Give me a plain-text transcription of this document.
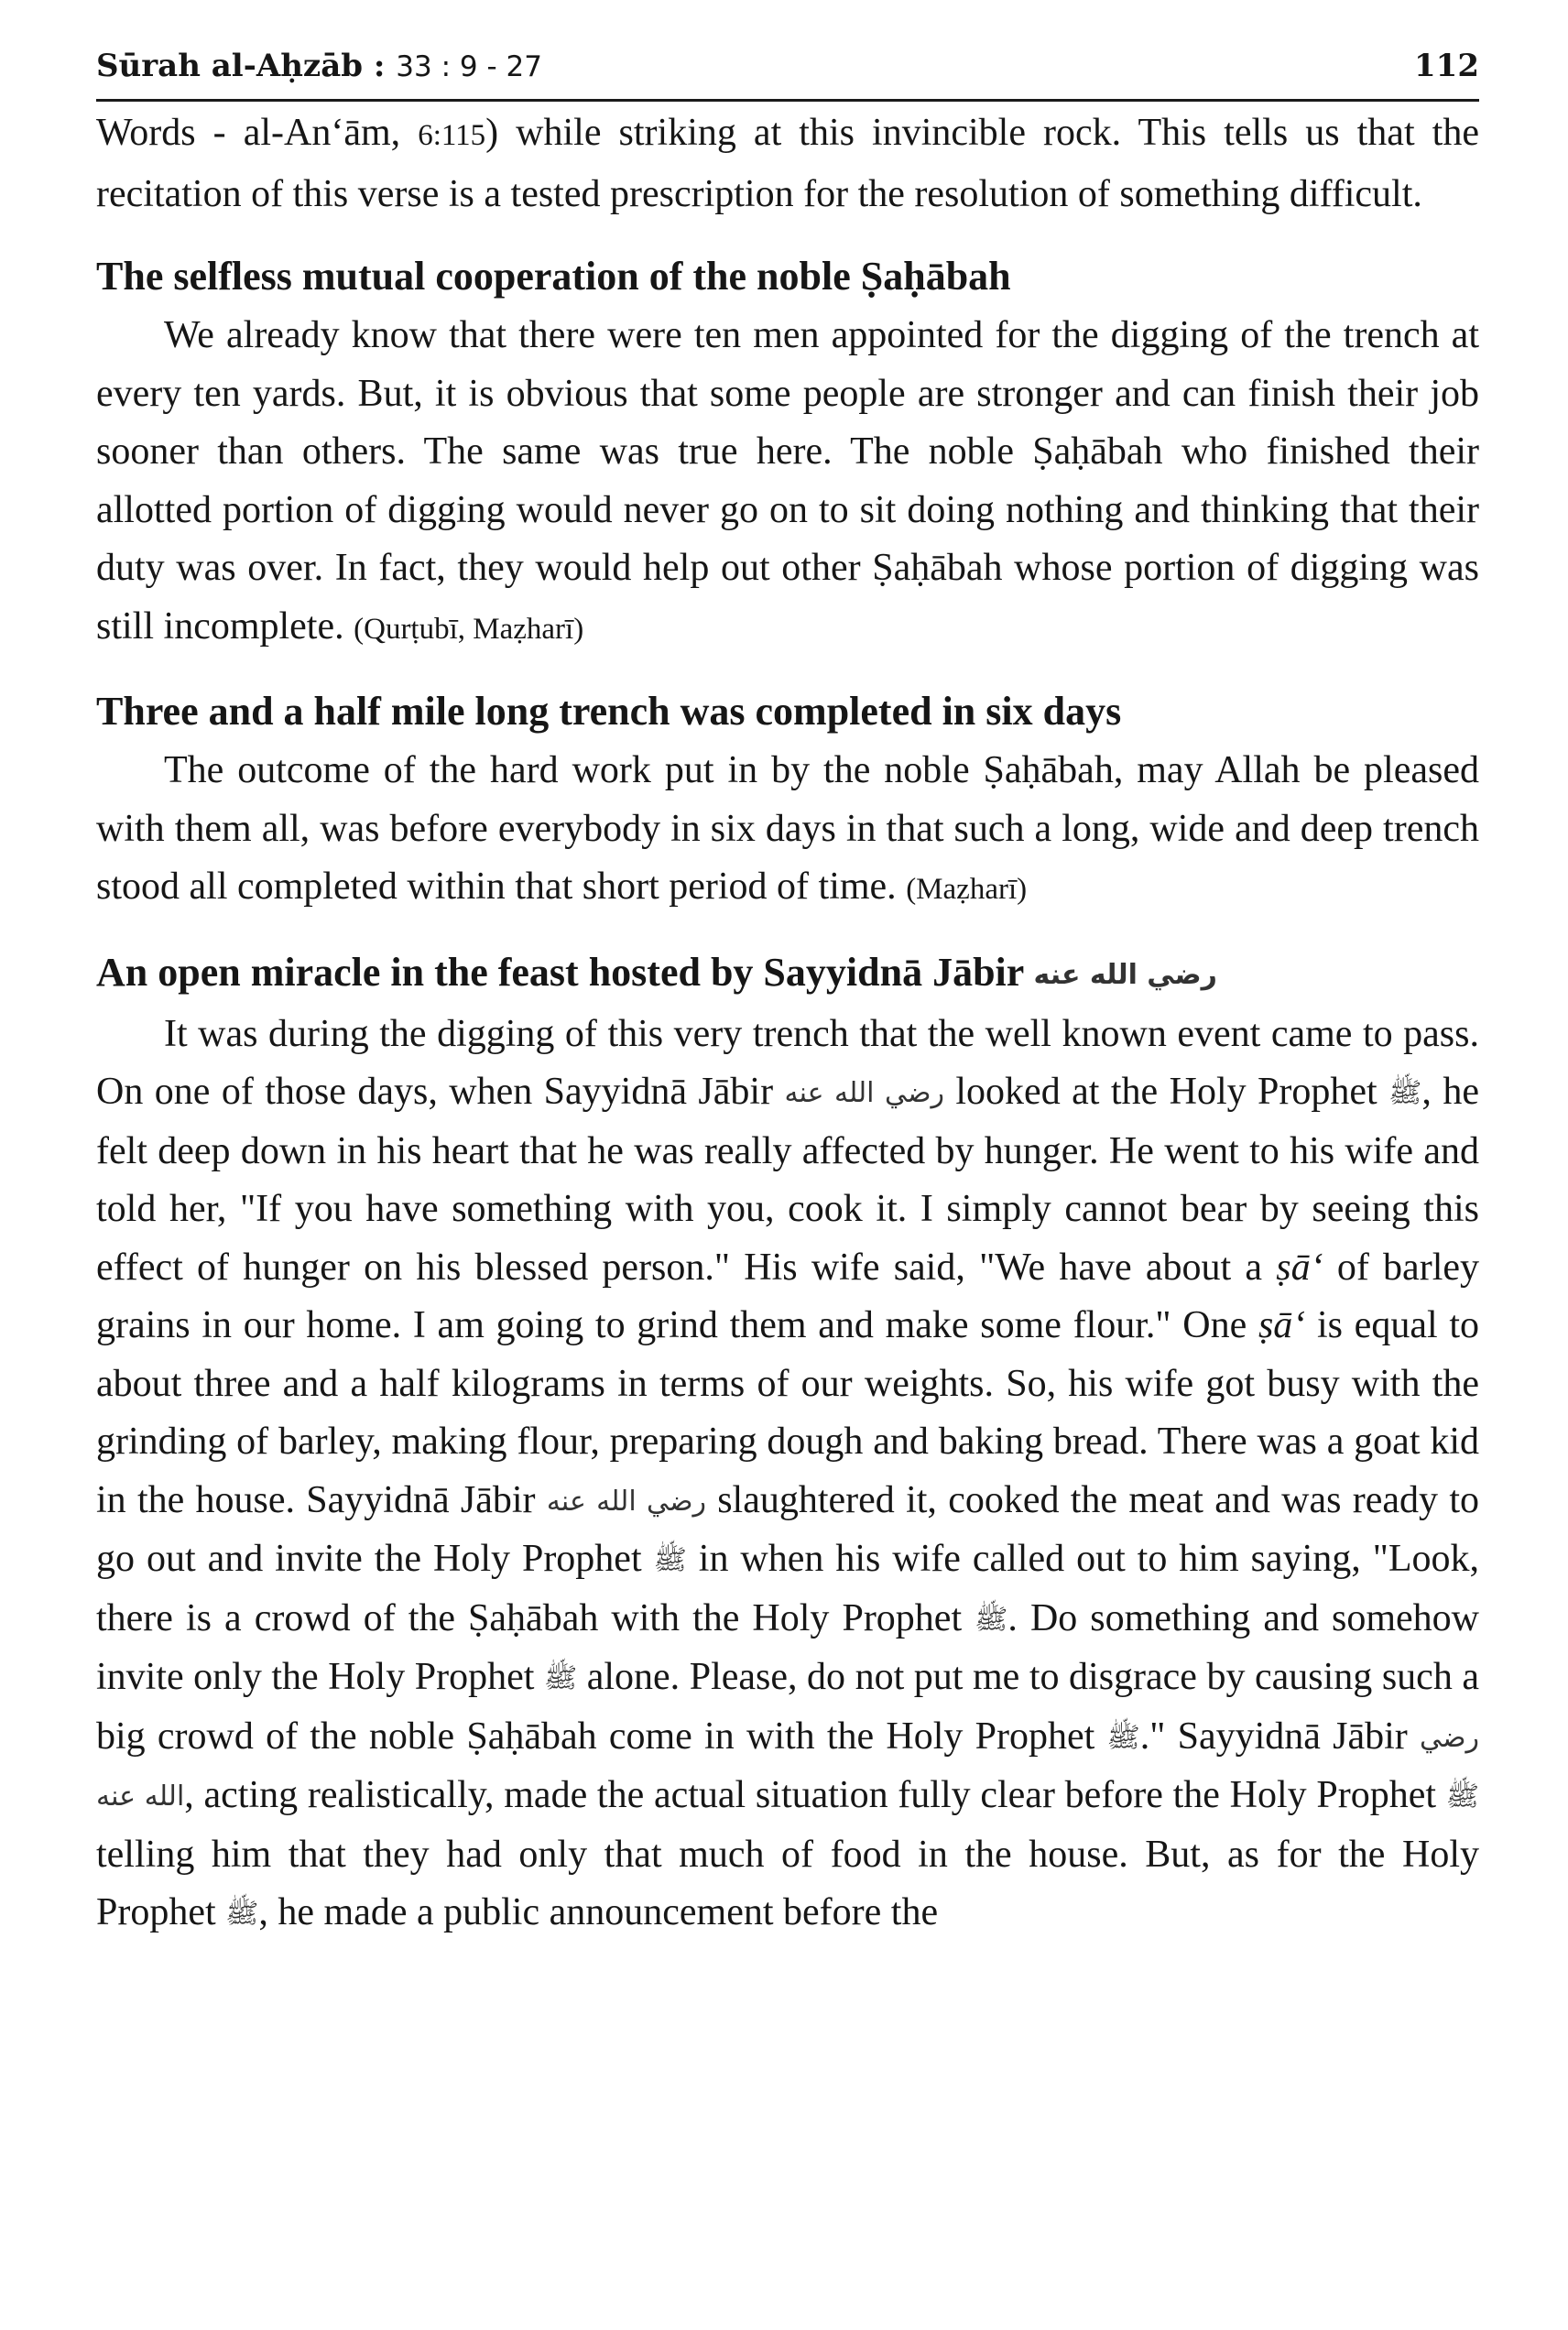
Sūrah al-Aḥzāb : 33 : 9 - 27	112

Words - al-An‘ām, 6:115) while striking at this invincible rock. This tells us that the recitation of this verse is a tested prescription for the resolution of something difficult.

The selfless mutual cooperation of the noble Ṣaḥābah

We already know that there were ten men appointed for the digging of the trench at every ten yards. But, it is obvious that some people are stronger and can finish their job sooner than others. The same was true here. The noble Ṣaḥābah who finished their allotted portion of digging would never go on to sit doing nothing and thinking that their duty was over. In fact, they would help out other Ṣaḥābah whose portion of digging was still incomplete. (Qurṭubī, Maẓharī)

Three and a half mile long trench was completed in six days

The outcome of the hard work put in by the noble Ṣaḥābah, may Allah be pleased with them all, was before everybody in six days in that such a long, wide and deep trench stood all completed within that short period of time. (Maẓharī)

An open miracle in the feast hosted by Sayyidnā Jābir رضي الله عنه

It was during the digging of this very trench that the well known event came to pass. On one of those days, when Sayyidnā Jābir رضي الله عنه looked at the Holy Prophet ﷺ, he felt deep down in his heart that he was really affected by hunger. He went to his wife and told her, "If you have something with you, cook it. I simply cannot bear by seeing this effect of hunger on his blessed person." His wife said, "We have about a ṣā‘ of barley grains in our home. I am going to grind them and make some flour." One ṣā‘ is equal to about three and a half kilograms in terms of our weights. So, his wife got busy with the grinding of barley, making flour, preparing dough and baking bread. There was a goat kid in the house. Sayyidnā Jābir رضي الله عنه slaughtered it, cooked the meat and was ready to go out and invite the Holy Prophet ﷺ in when his wife called out to him saying, "Look, there is a crowd of the Ṣaḥābah with the Holy Prophet ﷺ. Do something and somehow invite only the Holy Prophet ﷺ alone. Please, do not put me to disgrace by causing such a big crowd of the noble Ṣaḥābah come in with the Holy Prophet ﷺ." Sayyidnā Jābir رضي الله عنه, acting realistically, made the actual situation fully clear before the Holy Prophet ﷺ telling him that they had only that much of food in the house. But, as for the Holy Prophet ﷺ, he made a public announcement before the
